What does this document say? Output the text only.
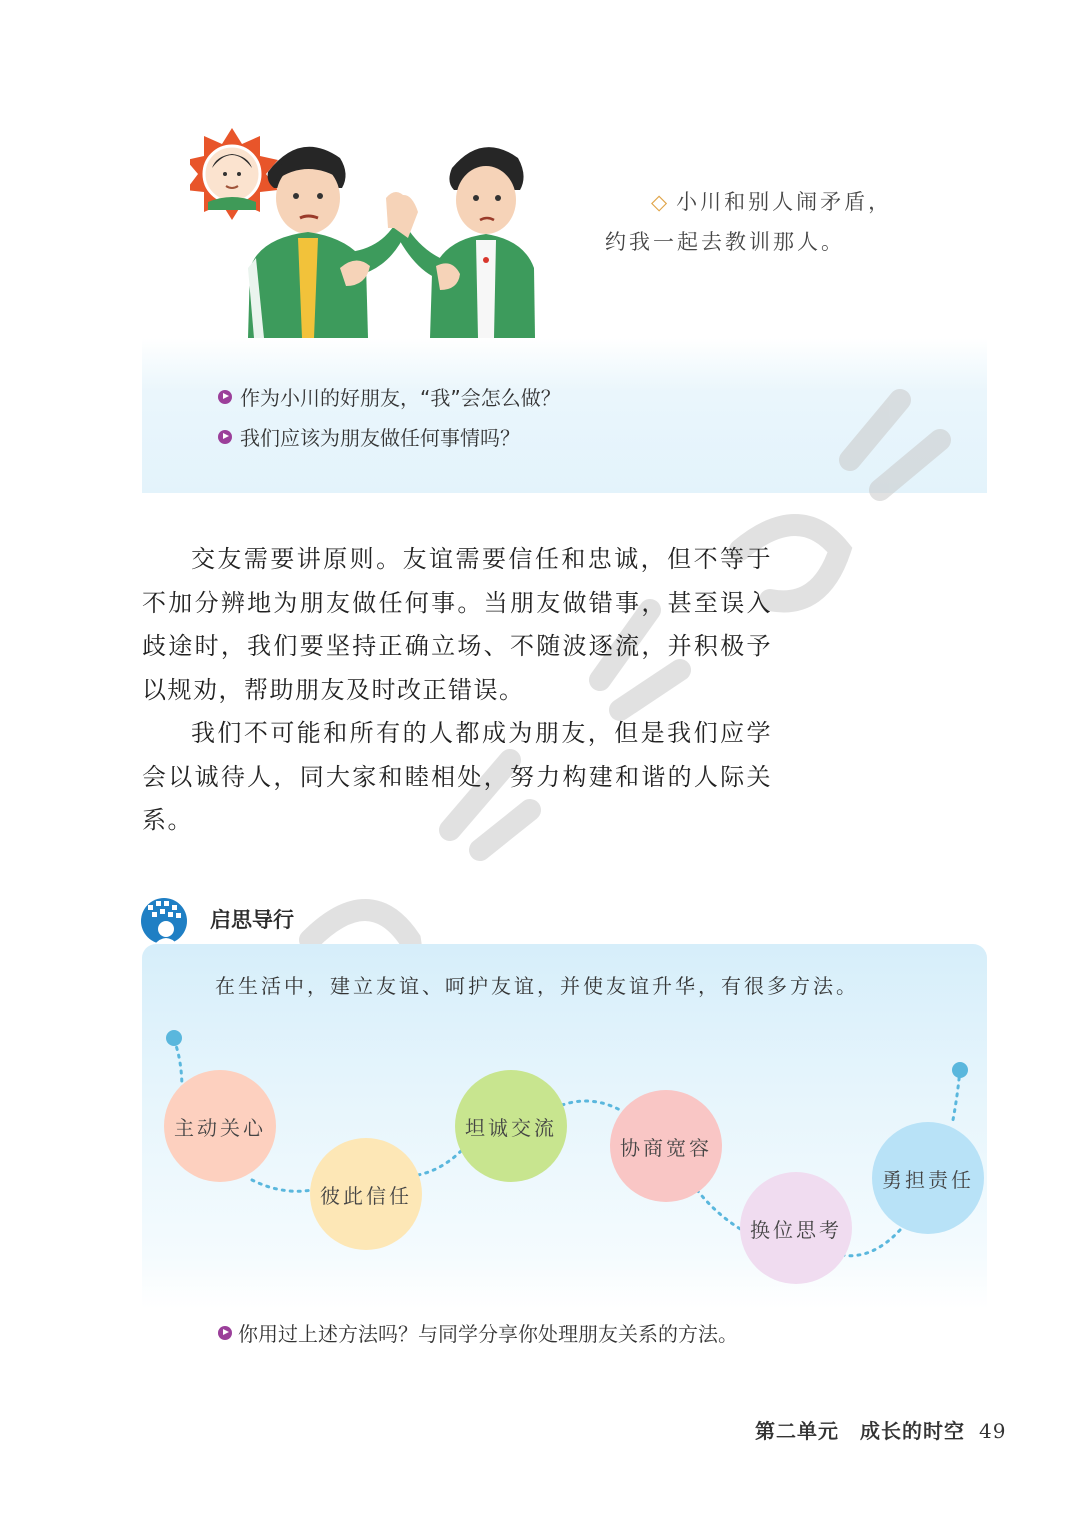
◇ 小川和别人闹矛盾，
约我一起去教训那人。
作为小川的好朋友，“我”会怎么做？
我们应该为朋友做任何事情吗？

交友需要讲原则。友谊需要信任和忠诚，但不等于不加分辨地为朋友做任何事。当朋友做错事，甚至误入歧途时，我们要坚持正确立场、不随波逐流，并积极予以规劝，帮助朋友及时改正错误。

我们不可能和所有的人都成为朋友，但是我们应学会以诚待人，同大家和睦相处，努力构建和谐的人际关系。

启思导行
在生活中，建立友谊、呵护友谊，并使友谊升华，有很多方法。
主动关心
彼此信任
坦诚交流
协商宽容
换位思考
勇担责任
你用过上述方法吗？与同学分享你处理朋友关系的方法。
第二单元　成长的时空 49
